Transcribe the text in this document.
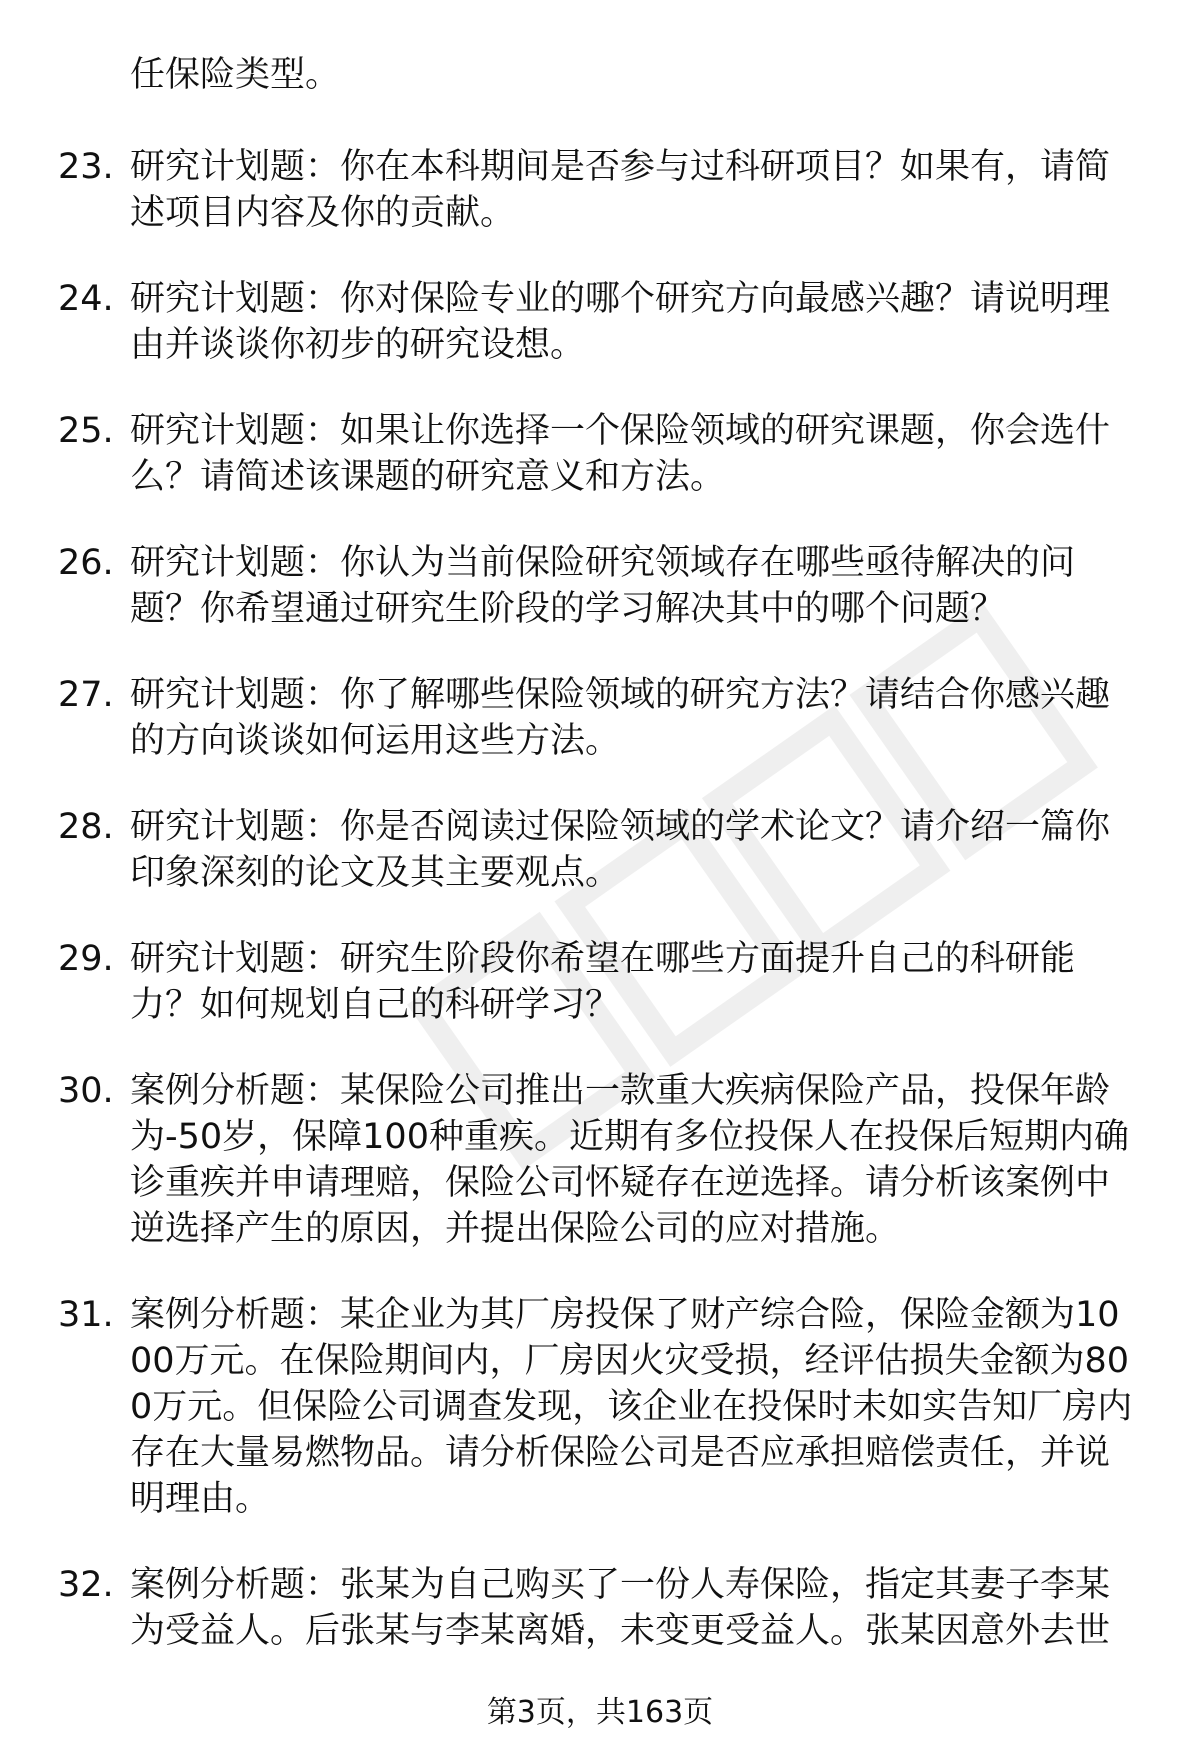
任保险类型。
23. 研究计划题：你在本科期间是否参与过科研项目？如果有，请简述项目内容及你的贡献。
24. 研究计划题：你对保险专业的哪个研究方向最感兴趣？请说明理由并谈谈你初步的研究设想。
25. 研究计划题：如果让你选择一个保险领域的研究课题，你会选什么？请简述该课题的研究意义和方法。
26. 研究计划题：你认为当前保险研究领域存在哪些亟待解决的问题？你希望通过研究生阶段的学习解决其中的哪个问题？
27. 研究计划题：你了解哪些保险领域的研究方法？请结合你感兴趣的方向谈谈如何运用这些方法。
28. 研究计划题：你是否阅读过保险领域的学术论文？请介绍一篇你印象深刻的论文及其主要观点。
29. 研究计划题：研究生阶段你希望在哪些方面提升自己的科研能力？如何规划自己的科研学习？
30. 案例分析题：某保险公司推出一款重大疾病保险产品，投保年龄为-50岁，保障100种重疾。近期有多位投保人在投保后短期内确诊重疾并申请理赔，保险公司怀疑存在逆选择。请分析该案例中逆选择产生的原因，并提出保险公司的应对措施。
31. 案例分析题：某企业为其厂房投保了财产综合险，保险金额为1000万元。在保险期间内，厂房因火灾受损，经评估损失金额为800万元。但保险公司调查发现，该企业在投保时未如实告知厂房内存在大量易燃物品。请分析保险公司是否应承担赔偿责任，并说明理由。
32. 案例分析题：张某为自己购买了一份人寿保险，指定其妻子李某为受益人。后张某与李某离婚，未变更受益人。张某因意外去世
第3页，共163页
